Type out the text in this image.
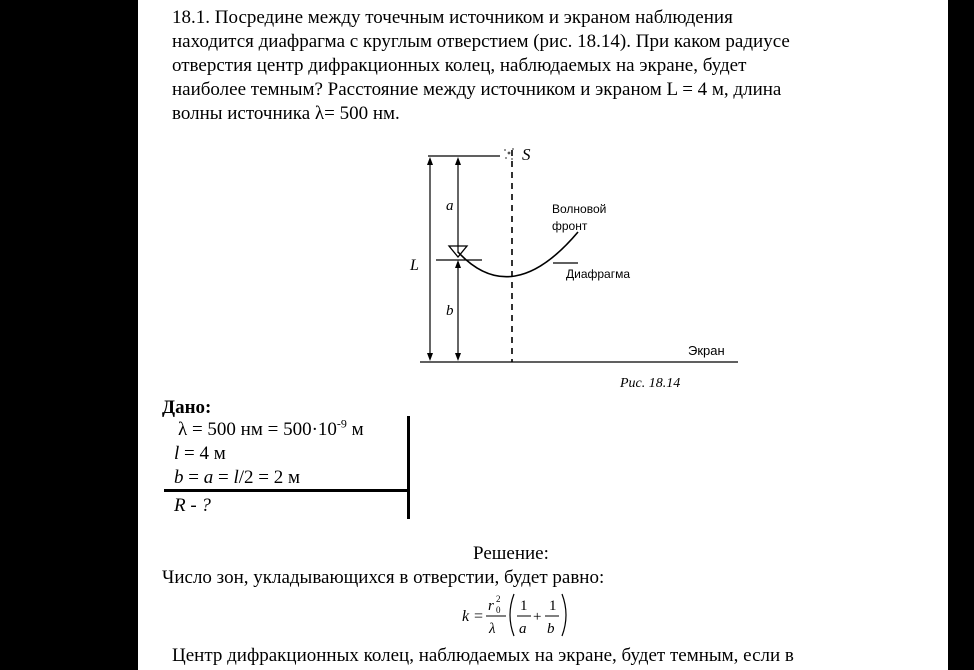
18.1. Посредине между точечным источником и экраном наблюдения
находится диафрагма с круглым отверстием (рис. 18.14). При каком радиусе
отверстия центр дифракционных колец, наблюдаемых на экране, будет
наиболее темным? Расстояние между источником и экраном L = 4 м, длина
волны источника λ= 500 нм.
S
a
b
L
Волновой
фронт
Диафрагма
Экран
Рис. 18.14
Дано:
λ = 500 нм = $500\cdot 10^{-9}$ м
l = 4 м
b = a = l/2 = 2 м
R - ?
Решение:
Число зон, укладывающихся в отверстии, будет равно:
k =
r 0
2
λ
1
a
+
1
b
Центр дифракционных колец, наблюдаемых на экране, будет темным, если в
